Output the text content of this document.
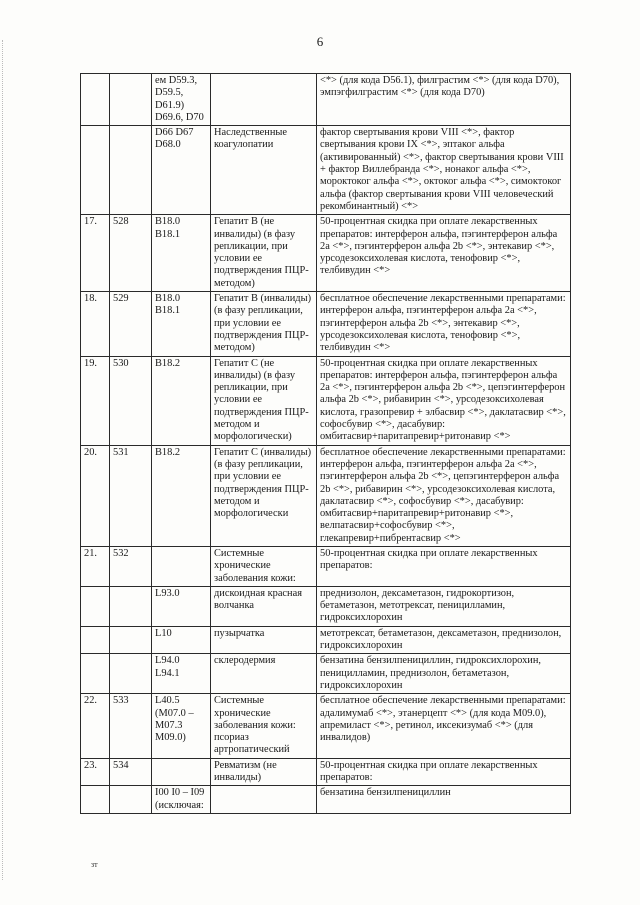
6
		ем D59.3,
D59.5,
D61.9)
D69.6, D70		<*> (для кода D56.1), филграстим <*> (для кода D70), эмпэгфилграстим <*> (для кода D70)
		D66 D67
D68.0	Наследственные коагулопатии	фактор свертывания крови VIII <*>, фактор свертывания крови IX <*>, эптаког альфа (активированный) <*>, фактор свертывания крови VIII + фактор Виллебранда <*>, нонаког альфа <*>, мороктоког альфа <*>, октоког альфа <*>, симоктоког альфа (фактор свертывания крови VIII человеческий рекомбинантный) <*>
17.	528	B18.0
B18.1	Гепатит В (не инвалиды) (в фазу репликации, при условии ее подтверждения ПЦР-методом)	50-процентная скидка при оплате лекарственных препаратов: интерферон альфа, пэгинтерферон альфа 2а <*>, пэгинтерферон альфа 2b <*>, энтекавир <*>, урсодезоксихолевая кислота, тенофовир <*>, телбивудин <*>
18.	529	B18.0
B18.1	Гепатит В (инвалиды) (в фазу репликации, при условии ее подтверждения ПЦР-методом)	бесплатное обеспечение лекарственными препаратами: интерферон альфа, пэгинтерферон альфа 2а <*>, пэгинтерферон альфа 2b <*>, энтекавир <*>, урсодезоксихолевая кислота, тенофовир <*>, телбивудин <*>
19.	530	B18.2	Гепатит С (не инвалиды) (в фазу репликации, при условии ее подтверждения ПЦР-методом и морфологически)	50-процентная скидка при оплате лекарственных препаратов: интерферон альфа, пэгинтерферон альфа 2а <*>, пэгинтерферон альфа 2b <*>, цепэгинтерферон альфа 2b <*>, рибавирин <*>, урсодезоксихолевая кислота, гразопревир + элбасвир <*>, даклатасвир <*>, софосбувир <*>, дасабувир: омбитасвир+паритапревир+ритонавир <*>
20.	531	B18.2	Гепатит С (инвалиды) (в фазу репликации, при условии ее подтверждения ПЦР-методом и морфологически	бесплатное обеспечение лекарственными препаратами: интерферон альфа, пэгинтерферон альфа 2а <*>, пэгинтерферон альфа 2b <*>, цепэгинтерферон альфа 2b <*>, рибавирин <*>, урсодезоксихолевая кислота, даклатасвир <*>, софосбувир <*>, дасабувир: омбитасвир+паритапревир+ритонавир <*>, велпатасвир+софосбувир <*>, глекапревир+пибрентасвир <*>
21.	532		Системные хронические заболевания кожи:	50-процентная скидка при оплате лекарственных препаратов:
		L93.0	дискоидная красная волчанка	преднизолон, дексаметазон, гидрокортизон, бетаметазон, метотрексат, пеницилламин, гидроксихлорохин
		L10	пузырчатка	метотрексат, бетаметазон, дексаметазон, преднизолон, гидроксихлорохин
		L94.0
L94.1	склеродермия	бензатина бензилпенициллин, гидроксихлорохин, пеницилламин, преднизолон, бетаметазон, гидроксихлорохин
22.	533	L40.5
(M07.0 –
M07.3
M09.0)	Системные хронические заболевания кожи: псориаз артропатический	бесплатное обеспечение лекарственными препаратами: адалимумаб <*>, этанерцепт <*> (для кода M09.0), апремиласт <*>, ретинол, иксекизумаб <*> (для инвалидов)
23.	534		Ревматизм (не инвалиды)	50-процентная скидка при оплате лекарственных препаратов:
		I00 I0 – I09
(исключая:		бензатина бензилпенициллин
зт
